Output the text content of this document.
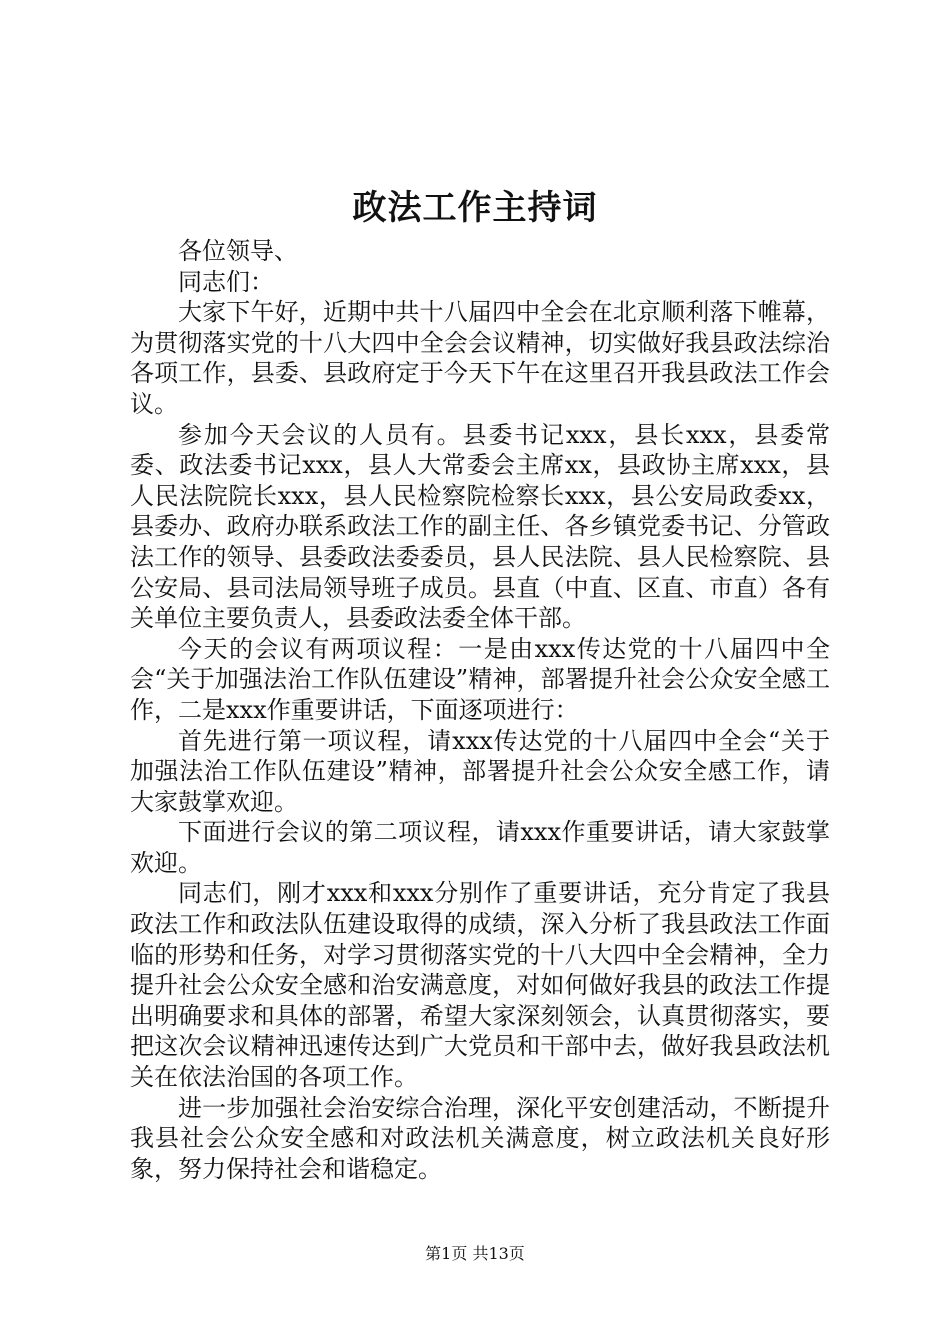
政法工作主持词

各位领导、

同志们：

大家下午好，近期中共十八届四中全会在北京顺利落下帷幕，为贯彻落实党的十八大四中全会会议精神，切实做好我县政法综治各项工作，县委、县政府定于今天下午在这里召开我县政法工作会议。

参加今天会议的人员有。县委书记xxx，县长xxx，县委常委、政法委书记xxx，县人大常委会主席xx，县政协主席xxx，县人民法院院长xxx，县人民检察院检察长xxx，县公安局政委xx，县委办、政府办联系政法工作的副主任、各乡镇党委书记、分管政法工作的领导、县委政法委委员，县人民法院、县人民检察院、县公安局、县司法局领导班子成员。县直（中直、区直、市直）各有关单位主要负责人，县委政法委全体干部。

今天的会议有两项议程：一是由xxx传达党的十八届四中全会“关于加强法治工作队伍建设”精神，部署提升社会公众安全感工作，二是xxx作重要讲话，下面逐项进行：

首先进行第一项议程，请xxx传达党的十八届四中全会“关于加强法治工作队伍建设”精神，部署提升社会公众安全感工作，请大家鼓掌欢迎。

下面进行会议的第二项议程，请xxx作重要讲话，请大家鼓掌欢迎。

同志们，刚才xxx和xxx分别作了重要讲话，充分肯定了我县政法工作和政法队伍建设取得的成绩，深入分析了我县政法工作面临的形势和任务，对学习贯彻落实党的十八大四中全会精神，全力提升社会公众安全感和治安满意度，对如何做好我县的政法工作提出明确要求和具体的部署，希望大家深刻领会，认真贯彻落实，要把这次会议精神迅速传达到广大党员和干部中去，做好我县政法机关在依法治国的各项工作。

进一步加强社会治安综合治理，深化平安创建活动，不断提升我县社会公众安全感和对政法机关满意度，树立政法机关良好形象，努力保持社会和谐稳定。

第1页 共13页
